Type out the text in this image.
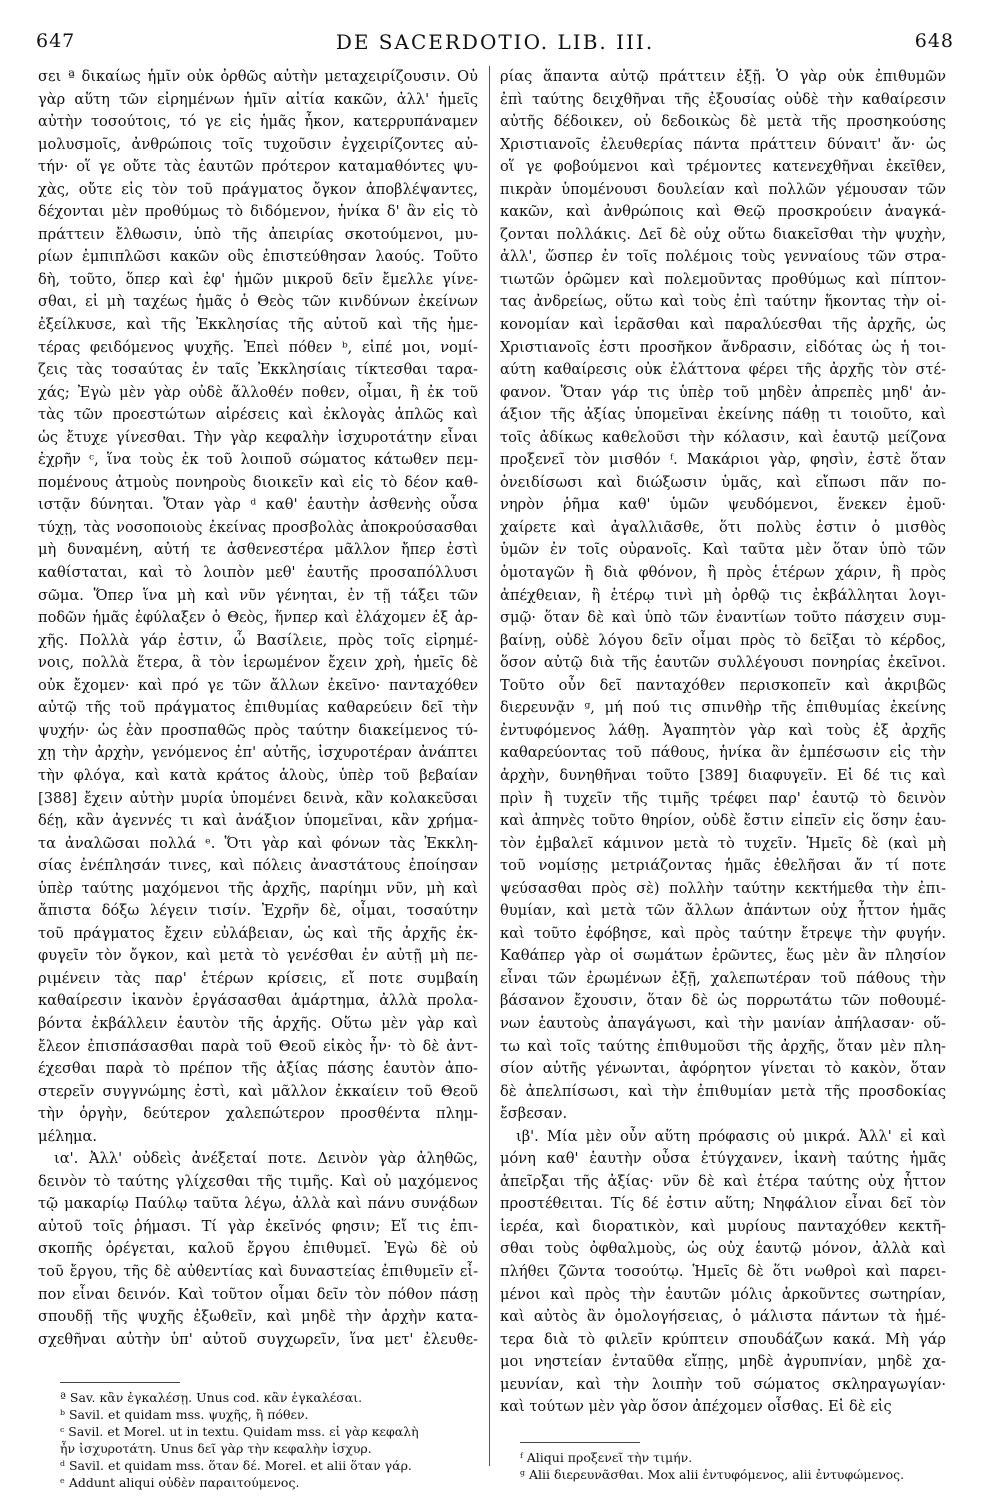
647	DE SACERDOTIO. LIB. III.	648
σει ª δικαίως ἡμῖν οὐκ ὀρθῶς αὐτὴν μεταχειρίζουσιν. Οὐ
γὰρ αὕτη τῶν εἰρημένων ἡμῖν αἰτία κακῶν, ἀλλ' ἡμεῖς
αὐτὴν τοσούτοις, τό γε εἰς ἡμᾶς ἧκον, κατερρυπάναμεν
μολυσμοῖς, ἀνθρώποις τοῖς τυχοῦσιν ἐγχειρίζοντες αὐ-
τήν· οἵ γε οὔτε τὰς ἑαυτῶν πρότερον καταμαθόντες ψυ-
χὰς, οὔτε εἰς τὸν τοῦ πράγματος ὄγκον ἀποβλέψαντες,
δέχονται μὲν προθύμως τὸ διδόμενον, ἡνίκα δ' ἂν εἰς τὸ
πράττειν ἔλθωσιν, ὑπὸ τῆς ἀπειρίας σκοτούμενοι, μυ-
ρίων ἐμπιπλῶσι κακῶν οὓς ἐπιστεύθησαν λαούς. Τοῦτο
δὴ, τοῦτο, ὅπερ καὶ ἐφ' ἡμῶν μικροῦ δεῖν ἔμελλε γίνε-
σθαι, εἰ μὴ ταχέως ἡμᾶς ὁ Θεὸς τῶν κινδύνων ἐκείνων
ἐξείλκυσε, καὶ τῆς Ἐκκλησίας τῆς αὐτοῦ καὶ τῆς ἡμε-
τέρας φειδόμενος ψυχῆς. Ἐπεὶ πόθεν ᵇ, εἰπέ μοι, νομί-
ζεις τὰς τοσαύτας ἐν ταῖς Ἐκκλησίαις τίκτεσθαι ταρα-
χάς; Ἐγὼ μὲν γὰρ οὐδὲ ἄλλοθέν ποθεν, οἶμαι, ἢ ἐκ τοῦ
τὰς τῶν προεστώτων αἱρέσεις καὶ ἐκλογὰς ἁπλῶς καὶ
ὡς ἔτυχε γίνεσθαι. Τὴν γὰρ κεφαλὴν ἰσχυροτάτην εἶναι
ἐχρῆν ᶜ, ἵνα τοὺς ἐκ τοῦ λοιποῦ σώματος κάτωθεν πεμ-
πομένους ἀτμοὺς πονηροὺς διοικεῖν καὶ εἰς τὸ δέον καθ-
ιστᾷν δύνηται. Ὅταν γὰρ ᵈ καθ' ἑαυτὴν ἀσθενὴς οὖσα
τύχῃ, τὰς νοσοποιοὺς ἐκείνας προσβολὰς ἀποκρούσασθαι
μὴ δυναμένη, αὐτή τε ἀσθενεστέρα μᾶλλον ἤπερ ἐστὶ
καθίσταται, καὶ τὸ λοιπὸν μεθ' ἑαυτῆς προσαπόλλυσι
σῶμα. Ὅπερ ἵνα μὴ καὶ νῦν γένηται, ἐν τῇ τάξει τῶν
ποδῶν ἡμᾶς ἐφύλαξεν ὁ Θεὸς, ἥνπερ καὶ ἐλάχομεν ἐξ ἀρ-
χῆς. Πολλὰ γάρ ἐστιν, ὦ Βασίλειε, πρὸς τοῖς εἰρημέ-
νοις, πολλὰ ἕτερα, ἃ τὸν ἱερωμένον ἔχειν χρὴ, ἡμεῖς δὲ
οὐκ ἔχομεν· καὶ πρό γε τῶν ἄλλων ἐκεῖνο· πανταχόθεν
αὐτῷ τῆς τοῦ πράγματος ἐπιθυμίας καθαρεύειν δεῖ τὴν
ψυχήν· ὡς ἐὰν προσπαθῶς πρὸς ταύτην διακείμενος τύ-
χῃ τὴν ἀρχὴν, γενόμενος ἐπ' αὐτῆς, ἰσχυροτέραν ἀνάπτει
τὴν φλόγα, καὶ κατὰ κράτος ἁλοὺς, ὑπὲρ τοῦ βεβαίαν
[388] ἔχειν αὐτὴν μυρία ὑπομένει δεινὰ, κἂν κολακεῦσαι
δέῃ, κἂν ἀγεννές τι καὶ ἀνάξιον ὑπομεῖναι, κἂν χρήμα-
τα ἀναλῶσαι πολλά ᵉ. Ὅτι γὰρ καὶ φόνων τὰς Ἐκκλη-
σίας ἐνέπλησάν τινες, καὶ πόλεις ἀναστάτους ἐποίησαν
ὑπὲρ ταύτης μαχόμενοι τῆς ἀρχῆς, παρίημι νῦν, μὴ καὶ
ἄπιστα δόξω λέγειν τισίν. Ἐχρῆν δὲ, οἶμαι, τοσαύτην
τοῦ πράγματος ἔχειν εὐλάβειαν, ὡς καὶ τῆς ἀρχῆς ἐκ-
φυγεῖν τὸν ὄγκον, καὶ μετὰ τὸ γενέσθαι ἐν αὐτῇ μὴ πε-
ριμένειν τὰς παρ' ἑτέρων κρίσεις, εἴ ποτε συμβαίη
καθαίρεσιν ἱκανὸν ἐργάσασθαι ἁμάρτημα, ἀλλὰ προλα-
βόντα ἐκβάλλειν ἑαυτὸν τῆς ἀρχῆς. Οὕτω μὲν γὰρ καὶ
ἔλεον ἐπισπάσασθαι παρὰ τοῦ Θεοῦ εἰκὸς ἦν· τὸ δὲ ἀντ-
έχεσθαι παρὰ τὸ πρέπον τῆς ἀξίας πάσης ἑαυτὸν ἀπο-
στερεῖν συγγνώμης ἐστὶ, καὶ μᾶλλον ἐκκαίειν τοῦ Θεοῦ
τὴν ὀργὴν, δεύτερον χαλεπώτερον προσθέντα πλημ-
μέλημα.
ια'. Ἀλλ' οὐδεὶς ἀνέξεταί ποτε. Δεινὸν γὰρ ἀληθῶς,
δεινὸν τὸ ταύτης γλίχεσθαι τῆς τιμῆς. Καὶ οὐ μαχόμενος
τῷ μακαρίῳ Παύλῳ ταῦτα λέγω, ἀλλὰ καὶ πάνυ συνᾴδων
αὐτοῦ τοῖς ῥήμασι. Τί γὰρ ἐκεῖνός φησιν; Εἴ τις ἐπι-
σκοπῆς ὀρέγεται, καλοῦ ἔργου ἐπιθυμεῖ. Ἐγὼ δὲ οὐ
τοῦ ἔργου, τῆς δὲ αὐθεντίας καὶ δυναστείας ἐπιθυμεῖν εἶ-
πον εἶναι δεινόν. Καὶ τοῦτον οἶμαι δεῖν τὸν πόθον πάσῃ
σπουδῇ τῆς ψυχῆς ἐξωθεῖν, καὶ μηδὲ τὴν ἀρχὴν κατα-
σχεθῆναι αὐτὴν ὑπ' αὐτοῦ συγχωρεῖν, ἵνα μετ' ἐλευθε-
ρίας ἅπαντα αὐτῷ πράττειν ἐξῇ. Ὁ γὰρ οὐκ ἐπιθυμῶν
ἐπὶ ταύτης δειχθῆναι τῆς ἐξουσίας οὐδὲ τὴν καθαίρεσιν
αὐτῆς δέδοικεν, οὐ δεδοικὼς δὲ μετὰ τῆς προσηκούσης
Χριστιανοῖς ἐλευθερίας πάντα πράττειν δύναιτ' ἄν· ὡς
οἵ γε φοβούμενοι καὶ τρέμοντες κατενεχθῆναι ἐκεῖθεν,
πικρὰν ὑπομένουσι δουλείαν καὶ πολλῶν γέμουσαν τῶν
κακῶν, καὶ ἀνθρώποις καὶ Θεῷ προσκρούειν ἀναγκά-
ζονται πολλάκις. Δεῖ δὲ οὐχ οὕτω διακεῖσθαι τὴν ψυχὴν,
ἀλλ', ὥσπερ ἐν τοῖς πολέμοις τοὺς γενναίους τῶν στρα-
τιωτῶν ὁρῶμεν καὶ πολεμοῦντας προθύμως καὶ πίπτον-
τας ἀνδρείως, οὕτω καὶ τοὺς ἐπὶ ταύτην ἥκοντας τὴν οἰ-
κονομίαν καὶ ἱερᾶσθαι καὶ παραλύεσθαι τῆς ἀρχῆς, ὡς
Χριστιανοῖς ἐστι προσῆκον ἄνδρασιν, εἰδότας ὡς ἡ τοι-
αύτη καθαίρεσις οὐκ ἐλάττονα φέρει τῆς ἀρχῆς τὸν στέ-
φανον. Ὅταν γάρ τις ὑπὲρ τοῦ μηδὲν ἀπρεπὲς μηδ' ἀν-
άξιον τῆς ἀξίας ὑπομεῖναι ἐκείνης πάθῃ τι τοιοῦτο, καὶ
τοῖς ἀδίκως καθελοῦσι τὴν κόλασιν, καὶ ἑαυτῷ μείζονα
προξενεῖ τὸν μισθόν ᶠ. Μακάριοι γὰρ, φησὶν, ἐστὲ ὅταν
ὀνειδίσωσι καὶ διώξωσιν ὑμᾶς, καὶ εἴπωσι πᾶν πο-
νηρὸν ῥῆμα καθ' ὑμῶν ψευδόμενοι, ἕνεκεν ἐμοῦ·
χαίρετε καὶ ἀγαλλιᾶσθε, ὅτι πολὺς ἐστιν ὁ μισθὸς
ὑμῶν ἐν τοῖς οὐρανοῖς. Καὶ ταῦτα μὲν ὅταν ὑπὸ τῶν
ὁμοταγῶν ἢ διὰ φθόνον, ἢ πρὸς ἑτέρων χάριν, ἢ πρὸς
ἀπέχθειαν, ἢ ἑτέρῳ τινὶ μὴ ὀρθῷ τις ἐκβάλληται λογι-
σμῷ· ὅταν δὲ καὶ ὑπὸ τῶν ἐναντίων τοῦτο πάσχειν συμ-
βαίνῃ, οὐδὲ λόγου δεῖν οἶμαι πρὸς τὸ δεῖξαι τὸ κέρδος,
ὅσον αὐτῷ διὰ τῆς ἑαυτῶν συλλέγουσι πονηρίας ἐκεῖνοι.
Τοῦτο οὖν δεῖ πανταχόθεν περισκοπεῖν καὶ ἀκριβῶς
διερευνᾷν ᵍ, μή πού τις σπινθὴρ τῆς ἐπιθυμίας ἐκείνης
ἐντυφόμενος λάθῃ. Ἀγαπητὸν γὰρ καὶ τοὺς ἐξ ἀρχῆς
καθαρεύοντας τοῦ πάθους, ἡνίκα ἂν ἐμπέσωσιν εἰς τὴν
ἀρχὴν, δυνηθῆναι τοῦτο [389] διαφυγεῖν. Εἰ δέ τις καὶ
πρὶν ἢ τυχεῖν τῆς τιμῆς τρέφει παρ' ἑαυτῷ τὸ δεινὸν
καὶ ἀπηνὲς τοῦτο θηρίον, οὐδὲ ἔστιν εἰπεῖν εἰς ὅσην ἑαυ-
τὸν ἐμβαλεῖ κάμινον μετὰ τὸ τυχεῖν. Ἡμεῖς δὲ (καὶ μὴ
τοῦ νομίσῃς μετριάζοντας ἡμᾶς ἐθελῆσαι ἄν τί ποτε
ψεύσασθαι πρὸς σὲ) πολλὴν ταύτην κεκτήμεθα τὴν ἐπι-
θυμίαν, καὶ μετὰ τῶν ἄλλων ἁπάντων οὐχ ἧττον ἡμᾶς
καὶ τοῦτο ἐφόβησε, καὶ πρὸς ταύτην ἔτρεψε τὴν φυγήν.
Καθάπερ γὰρ οἱ σωμάτων ἐρῶντες, ἕως μὲν ἂν πλησίον
εἶναι τῶν ἐρωμένων ἐξῇ, χαλεπωτέραν τοῦ πάθους τὴν
βάσανον ἔχουσιν, ὅταν δὲ ὡς πορρωτάτω τῶν ποθουμέ-
νων ἑαυτοὺς ἀπαγάγωσι, καὶ τὴν μανίαν ἀπήλασαν· οὕ-
τω καὶ τοῖς ταύτης ἐπιθυμοῦσι τῆς ἀρχῆς, ὅταν μὲν πλη-
σίον αὐτῆς γένωνται, ἀφόρητον γίνεται τὸ κακὸν, ὅταν
δὲ ἀπελπίσωσι, καὶ τὴν ἐπιθυμίαν μετὰ τῆς προσδοκίας
ἔσβεσαν.
ιβ'. Μία μὲν οὖν αὕτη πρόφασις οὐ μικρά. Ἀλλ' εἰ καὶ
μόνη καθ' ἑαυτὴν οὖσα ἐτύγχανεν, ἱκανὴ ταύτης ἡμᾶς
ἀπεῖρξαι τῆς ἀξίας· νῦν δὲ καὶ ἑτέρα ταύτης οὐχ ἧττον
προστέθειται. Τίς δέ ἐστιν αὕτη; Νηφάλιον εἶναι δεῖ τὸν
ἱερέα, καὶ διορατικὸν, καὶ μυρίους πανταχόθεν κεκτῆ-
σθαι τοὺς ὀφθαλμοὺς, ὡς οὐχ ἑαυτῷ μόνον, ἀλλὰ καὶ
πλήθει ζῶντα τοσούτῳ. Ἡμεῖς δὲ ὅτι νωθροὶ καὶ παρει-
μένοι καὶ πρὸς τὴν ἑαυτῶν μόλις ἀρκοῦντες σωτηρίαν,
καὶ αὐτὸς ἂν ὁμολογήσειας, ὁ μάλιστα πάντων τὰ ἡμέ-
τερα διὰ τὸ φιλεῖν κρύπτειν σπουδάζων κακά. Μὴ γάρ
μοι νηστείαν ἐνταῦθα εἴπῃς, μηδὲ ἀγρυπνίαν, μηδὲ χα-
μευνίαν, καὶ τὴν λοιπὴν τοῦ σώματος σκληραγωγίαν·
καὶ τούτων μὲν γὰρ ὅσον ἀπέχομεν οἶσθας. Εἰ δὲ εἰς
ª Sav. κἂν ἐγκαλέσῃ. Unus cod. κἂν ἐγκαλέσαι.
ᵇ Savil. et quidam mss. ψυχῆς, ἢ πόθεν.
ᶜ Savil. et Morel. ut in textu. Quidam mss. εἰ γὰρ κεφαλὴ
ἦν ἰσχυροτάτη. Unus δεῖ γὰρ τὴν κεφαλὴν ἰσχυρ.
ᵈ Savil. et quidam mss. ὅταν δέ. Morel. et alii ὅταν γάρ.
ᵉ Addunt aliqui οὐδὲν παραιτούμενος.
ᶠ Aliqui προξενεῖ τὴν τιμήν.
ᵍ Alii διερευνᾶσθαι. Mox alii ἐντυφόμενος, alii ἐντυφώμενος.
